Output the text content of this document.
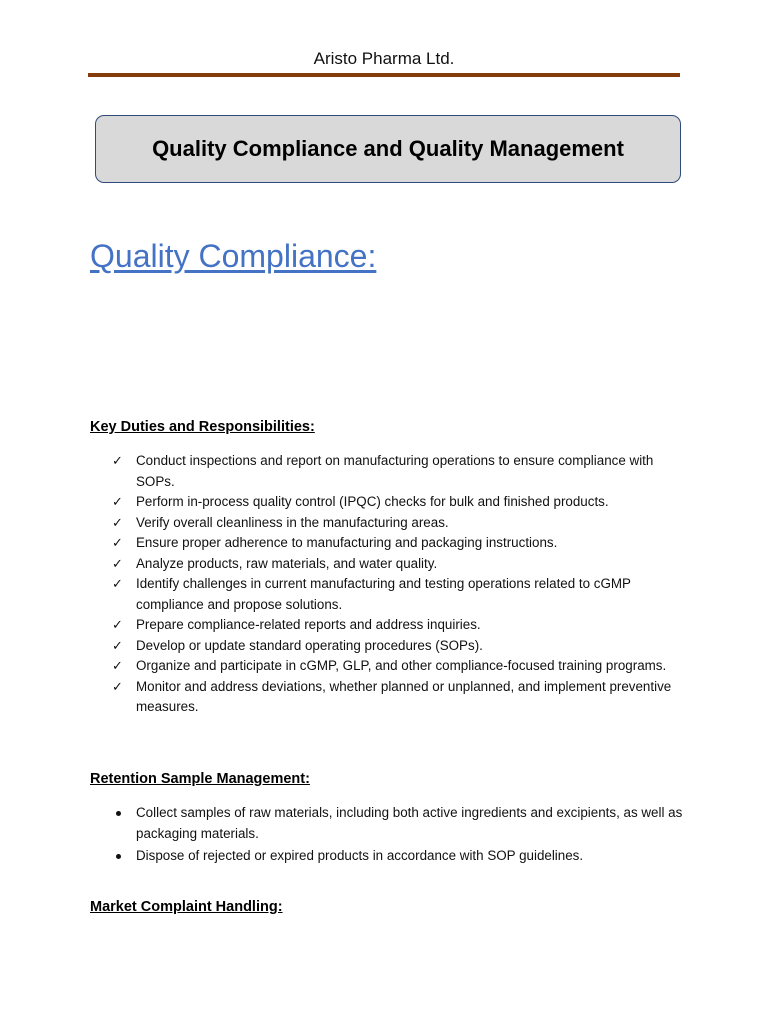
Aristo Pharma Ltd.
Quality Compliance and Quality Management
Quality Compliance:
Key Duties and Responsibilities:
✓ Conduct inspections and report on manufacturing operations to ensure compliance with SOPs.
✓ Perform in-process quality control (IPQC) checks for bulk and finished products.
✓ Verify overall cleanliness in the manufacturing areas.
✓ Ensure proper adherence to manufacturing and packaging instructions.
✓ Analyze products, raw materials, and water quality.
✓ Identify challenges in current manufacturing and testing operations related to cGMP compliance and propose solutions.
✓ Prepare compliance-related reports and address inquiries.
✓ Develop or update standard operating procedures (SOPs).
✓ Organize and participate in cGMP, GLP, and other compliance-focused training programs.
✓ Monitor and address deviations, whether planned or unplanned, and implement preventive measures.
Retention Sample Management:
Collect samples of raw materials, including both active ingredients and excipients, as well as packaging materials.
Dispose of rejected or expired products in accordance with SOP guidelines.
Market Complaint Handling:
